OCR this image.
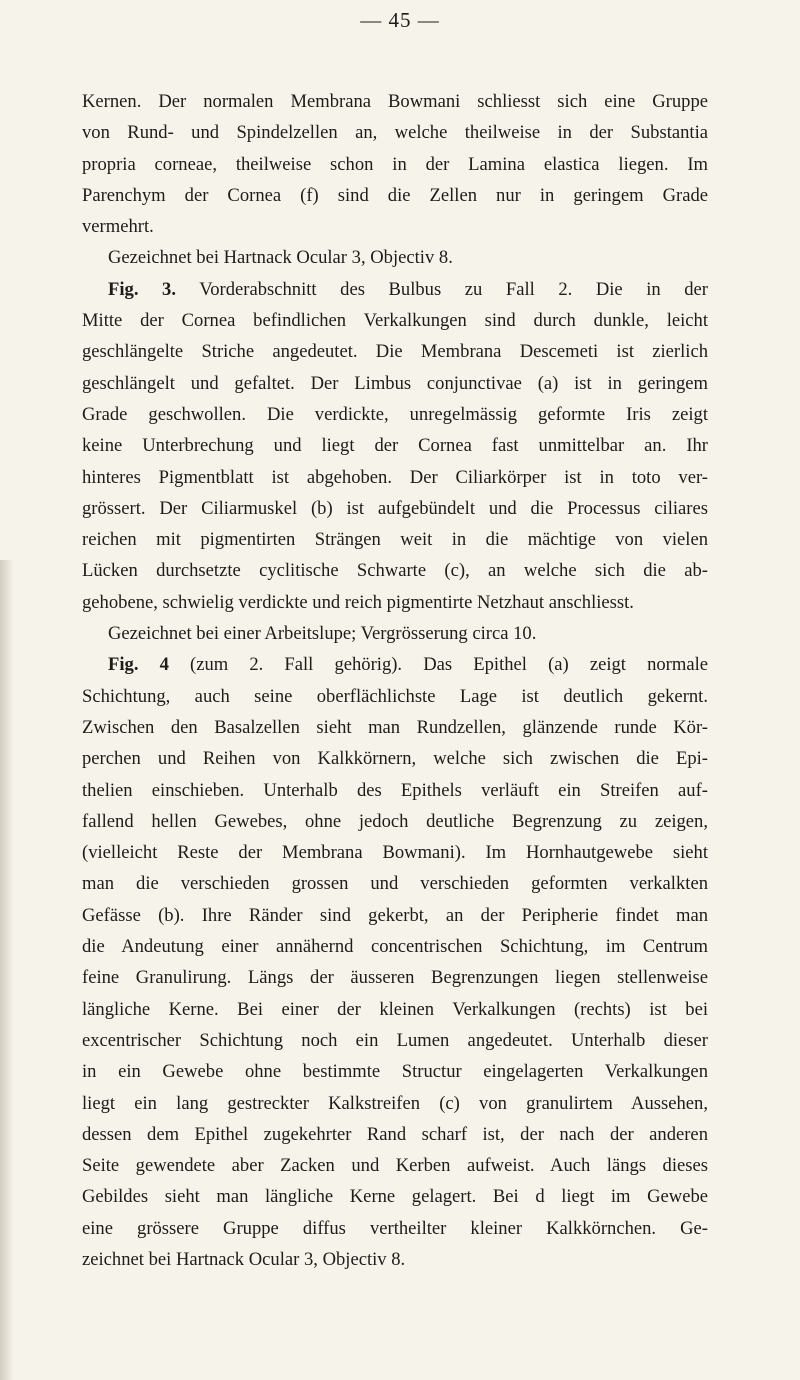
— 45 —
Kernen. Der normalen Membrana Bowmani schliesst sich eine Gruppe
von Rund- und Spindelzellen an, welche theilweise in der Substantia
propria corneae, theilweise schon in der Lamina elastica liegen. Im
Parenchym der Cornea (f) sind die Zellen nur in geringem Grade
vermehrt.
Gezeichnet bei Hartnack Ocular 3, Objectiv 8.
Fig. 3. Vorderabschnitt des Bulbus zu Fall 2. Die in der
Mitte der Cornea befindlichen Verkalkungen sind durch dunkle, leicht
geschlängelte Striche angedeutet. Die Membrana Descemeti ist zierlich
geschlängelt und gefaltet. Der Limbus conjunctivae (a) ist in geringem
Grade geschwollen. Die verdickte, unregelmässig geformte Iris zeigt
keine Unterbrechung und liegt der Cornea fast unmittelbar an. Ihr
hinteres Pigmentblatt ist abgehoben. Der Ciliarkörper ist in toto ver-
grössert. Der Ciliarmuskel (b) ist aufgebündelt und die Processus ciliares
reichen mit pigmentirten Strängen weit in die mächtige von vielen
Lücken durchsetzte cyclitische Schwarte (c), an welche sich die ab-
gehobene, schwielig verdickte und reich pigmentirte Netzhaut anschliesst.
Gezeichnet bei einer Arbeitslupe; Vergrösserung circa 10.
Fig. 4 (zum 2. Fall gehörig). Das Epithel (a) zeigt normale
Schichtung, auch seine oberflächlichste Lage ist deutlich gekernt.
Zwischen den Basalzellen sieht man Rundzellen, glänzende runde Kör-
perchen und Reihen von Kalkkörnern, welche sich zwischen die Epi-
thelien einschieben. Unterhalb des Epithels verläuft ein Streifen auf-
fallend hellen Gewebes, ohne jedoch deutliche Begrenzung zu zeigen,
(vielleicht Reste der Membrana Bowmani). Im Hornhautgewebe sieht
man die verschieden grossen und verschieden geformten verkalkten
Gefässe (b). Ihre Ränder sind gekerbt, an der Peripherie findet man
die Andeutung einer annähernd concentrischen Schichtung, im Centrum
feine Granulirung. Längs der äusseren Begrenzungen liegen stellenweise
längliche Kerne. Bei einer der kleinen Verkalkungen (rechts) ist bei
excentrischer Schichtung noch ein Lumen angedeutet. Unterhalb dieser
in ein Gewebe ohne bestimmte Structur eingelagerten Verkalkungen
liegt ein lang gestreckter Kalkstreifen (c) von granulirtem Aussehen,
dessen dem Epithel zugekehrter Rand scharf ist, der nach der anderen
Seite gewendete aber Zacken und Kerben aufweist. Auch längs dieses
Gebildes sieht man längliche Kerne gelagert. Bei d liegt im Gewebe
eine grössere Gruppe diffus vertheilter kleiner Kalkkörnchen. Ge-
zeichnet bei Hartnack Ocular 3, Objectiv 8.
